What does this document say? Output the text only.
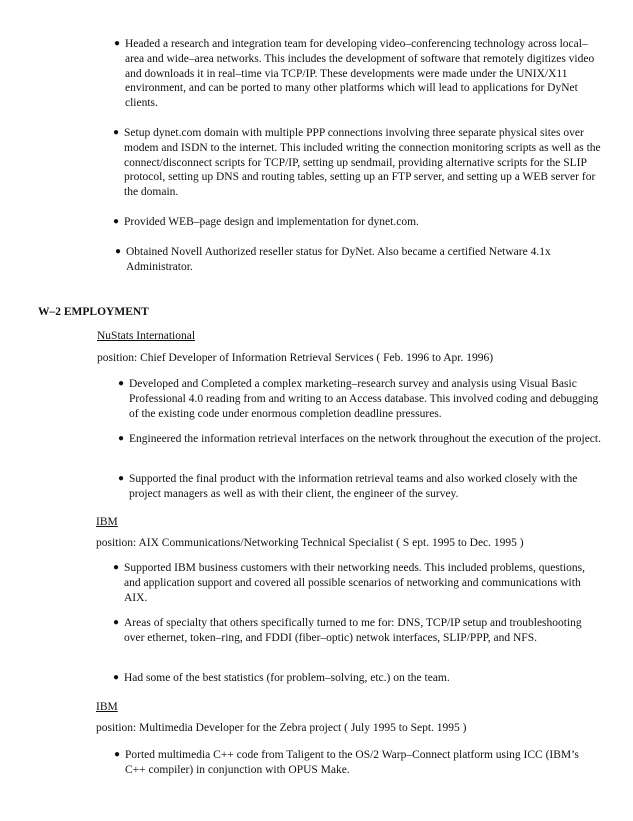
● Headed a research and integration team for developing video–conferencing technology across local–area and wide–area networks. This includes the development of software that remotely digitizes video and downloads it in real–time via TCP/IP. These developments were made under the UNIX/X11 environment, and can be ported to many other platforms which will lead to applications for DyNet clients.
● Setup dynet.com domain with multiple PPP connections involving three separate physical sites over modem and ISDN to the internet. This included writing the connection monitoring scripts as well as the connect/disconnect scripts for TCP/IP, setting up sendmail, providing alternative scripts for the SLIP protocol, setting up DNS and routing tables, setting up an FTP server, and setting up a WEB server for the domain.
● Provided WEB–page design and implementation for dynet.com.
● Obtained Novell Authorized reseller status for DyNet. Also became a certified Netware 4.1x Administrator.
W–2 EMPLOYMENT
NuStats International
position: Chief Developer of Information Retrieval Services ( Feb. 1996 to Apr. 1996)
● Developed and Completed a complex marketing–research survey and analysis using Visual Basic Professional 4.0 reading from and writing to an Access database. This involved coding and debugging of the existing code under enormous completion deadline pressures.
● Engineered the information retrieval interfaces on the network throughout the execution of the project.
● Supported the final product with the information retrieval teams and also worked closely with the project managers as well as with their client, the engineer of the survey.
IBM
position: AIX Communications/Networking Technical Specialist ( S ept. 1995 to Dec. 1995 )
● Supported IBM business customers with their networking needs. This included problems, questions, and application support and covered all possible scenarios of networking and communications with AIX.
● Areas of specialty that others specifically turned to me for: DNS, TCP/IP setup and troubleshooting over ethernet, token–ring, and FDDI (fiber–optic) netwok interfaces, SLIP/PPP, and NFS.
● Had some of the best statistics (for problem–solving, etc.) on the team.
IBM
position: Multimedia Developer for the Zebra project ( July 1995 to Sept. 1995 )
● Ported multimedia C++ code from Taligent to the OS/2 Warp–Connect platform using ICC (IBM’s C++ compiler) in conjunction with OPUS Make.
